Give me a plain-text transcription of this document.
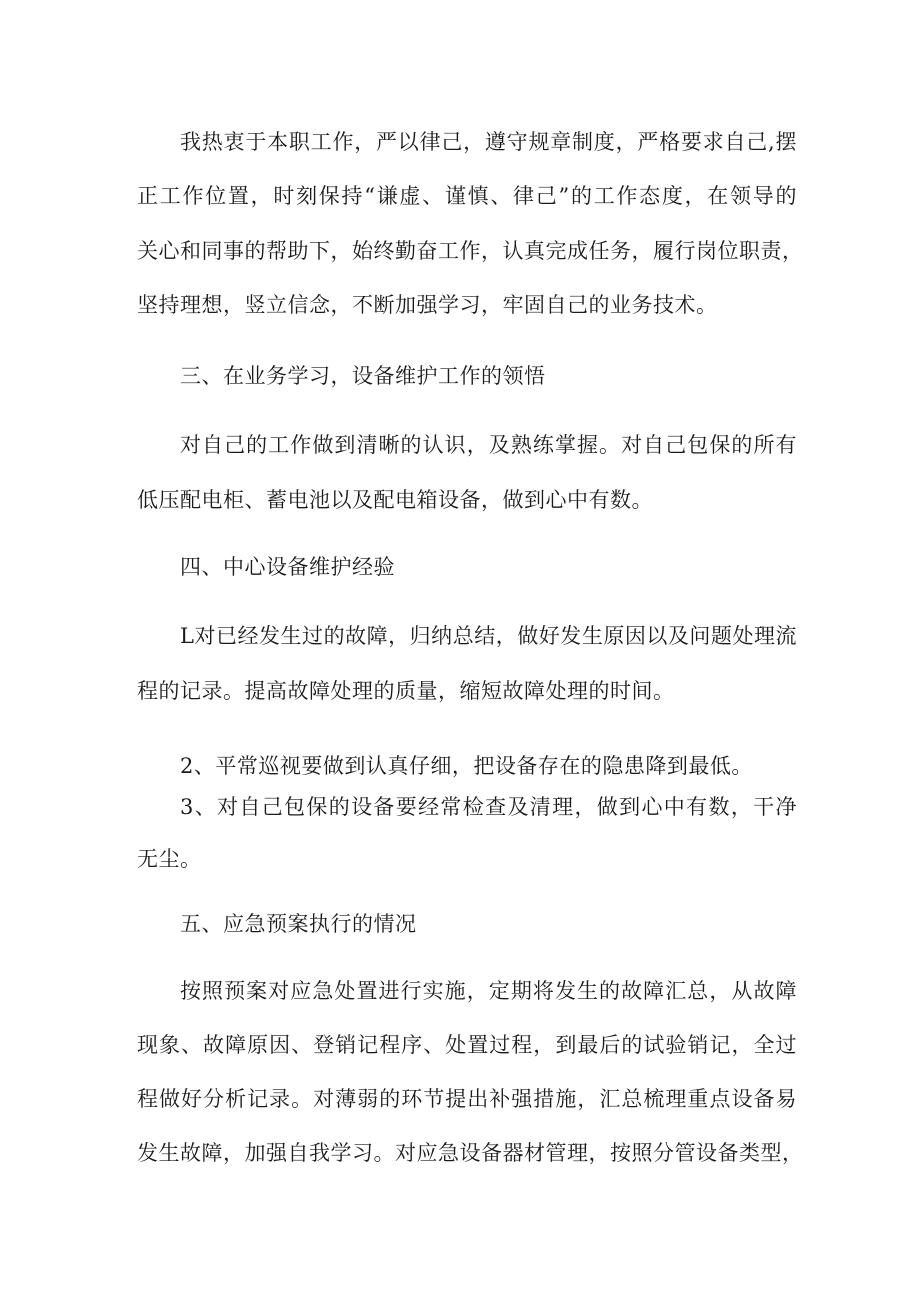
我热衷于本职工作，严以律己，遵守规章制度，严格要求自己,摆
正工作位置，时刻保持“谦虚、谨慎、律己”的工作态度，在领导的
关心和同事的帮助下，始终勤奋工作，认真完成任务，履行岗位职责，
坚持理想，竖立信念，不断加强学习，牢固自己的业务技术。
三、在业务学习，设备维护工作的领悟
对自己的工作做到清晰的认识，及熟练掌握。对自己包保的所有
低压配电柜、蓄电池以及配电箱设备，做到心中有数。
四、中心设备维护经验
L对已经发生过的故障，归纳总结，做好发生原因以及问题处理流
程的记录。提高故障处理的质量，缩短故障处理的时间。
2、平常巡视要做到认真仔细，把设备存在的隐患降到最低。
3、对自己包保的设备要经常检查及清理，做到心中有数，干净
无尘。
五、应急预案执行的情况
按照预案对应急处置进行实施，定期将发生的故障汇总，从故障
现象、故障原因、登销记程序、处置过程，到最后的试验销记，全过
程做好分析记录。对薄弱的环节提出补强措施，汇总梳理重点设备易
发生故障，加强自我学习。对应急设备器材管理，按照分管设备类型，
